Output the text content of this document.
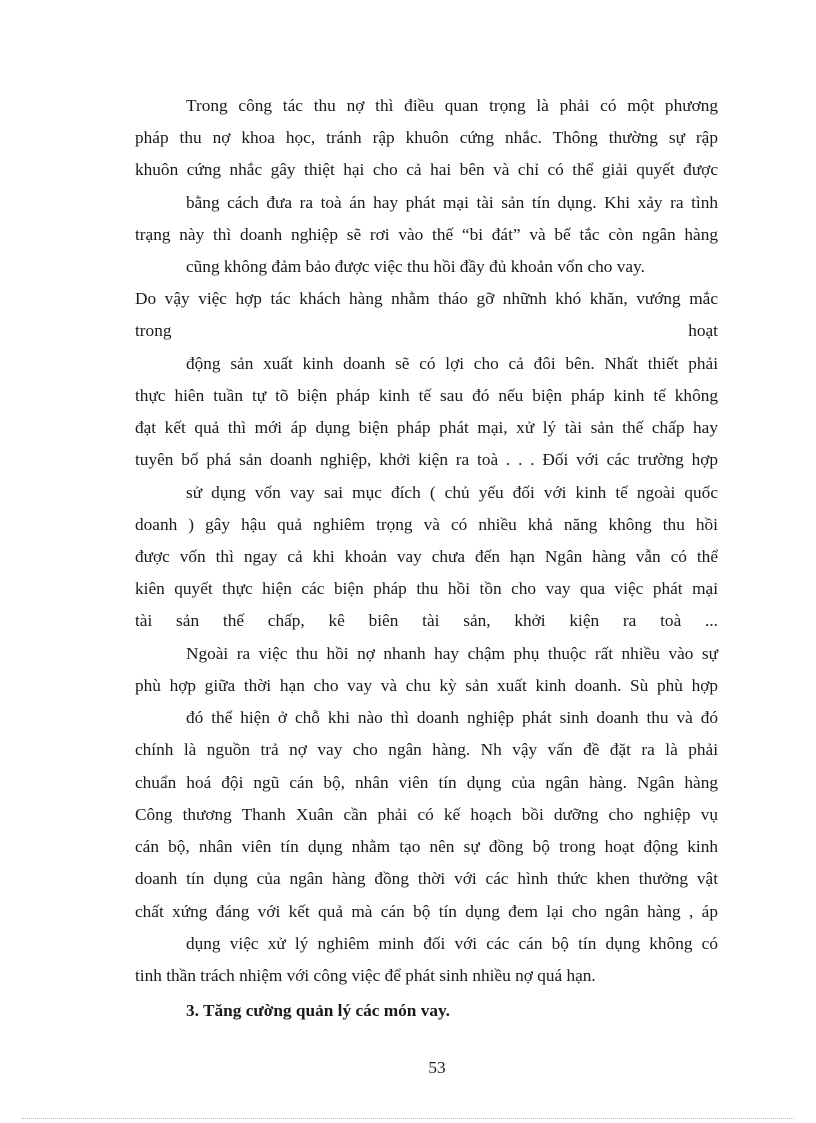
Trong công tác thu nợ thì điều quan trọng là phải có một phương
pháp thu nợ khoa học, tránh rập khuôn cứng nhắc. Thông thường sự rập
khuôn cứng nhắc gây thiệt hại cho cả hai bên và chỉ có thể giải quyết được
bằng cách đưa ra toà án hay phát mại tài sản tín dụng. Khi xảy ra tình
trạng này thì doanh nghiệp sẽ rơi vào thế “bi đát” và bế tắc còn ngân hàng
cũng không đảm bảo được việc thu hồi đầy đủ khoản vốn cho vay.
Do vậy việc hợp tác khách hàng nhằm tháo gỡ nhữnh khó khăn, vướng mắc
trong hoạt
động sản xuất kinh doanh sẽ có lợi cho cả đôi bên. Nhất thiết phải
thực hiên tuần tự tõ biện pháp kinh tế sau đó nếu biện pháp kinh tế không
đạt kết quả thì mới áp dụng biện pháp phát mại, xử lý tài sản thế chấp hay
tuyên bố phá sản doanh nghiệp, khởi kiện ra toà . . . Đối với các trường hợp
sử dụng vốn vay sai mục đích ( chủ yếu đối với kinh tế ngoài quốc
doanh ) gây hậu quả nghiêm trọng và có nhiều khả năng không thu hồi
được vốn thì ngay cả khi khoản vay chưa đến hạn Ngân hàng vẫn có thể
kiên quyết thực hiện các biện pháp thu hồi tồn cho vay qua việc phát mại
tài sản thế chấp, kê biên tài sản, khởi kiện ra toà ...
Ngoài ra việc thu hồi nợ nhanh hay chậm phụ thuộc rất nhiều vào sự
phù hợp giữa thời hạn cho vay và chu kỳ sản xuất kinh doanh. Sù phù hợp
đó thể hiện ở chỗ khi nào thì doanh nghiệp phát sinh doanh thu và đó
chính là nguồn trả nợ vay cho ngân hàng. Nh vậy vấn đề đặt ra là phải
chuẩn hoá đội ngũ cán bộ, nhân viên tín dụng của ngân hàng. Ngân hàng
Công thương Thanh Xuân cần phải có kế hoạch bồi dưỡng cho nghiệp vụ
cán bộ, nhân viên tín dụng nhằm tạo nên sự đồng bộ trong hoạt động kinh
doanh tín dụng của ngân hàng đồng thời với các hình thức khen thưởng vật
chất xứng đáng với kết quả mà cán bộ tín dụng đem lại cho ngân hàng , áp
dụng việc xử lý nghiêm minh đối với các cán bộ tín dụng không có
tinh thần trách nhiệm với công việc để phát sinh nhiều nợ quá hạn.
3. Tăng cường quản lý các món vay.
53
